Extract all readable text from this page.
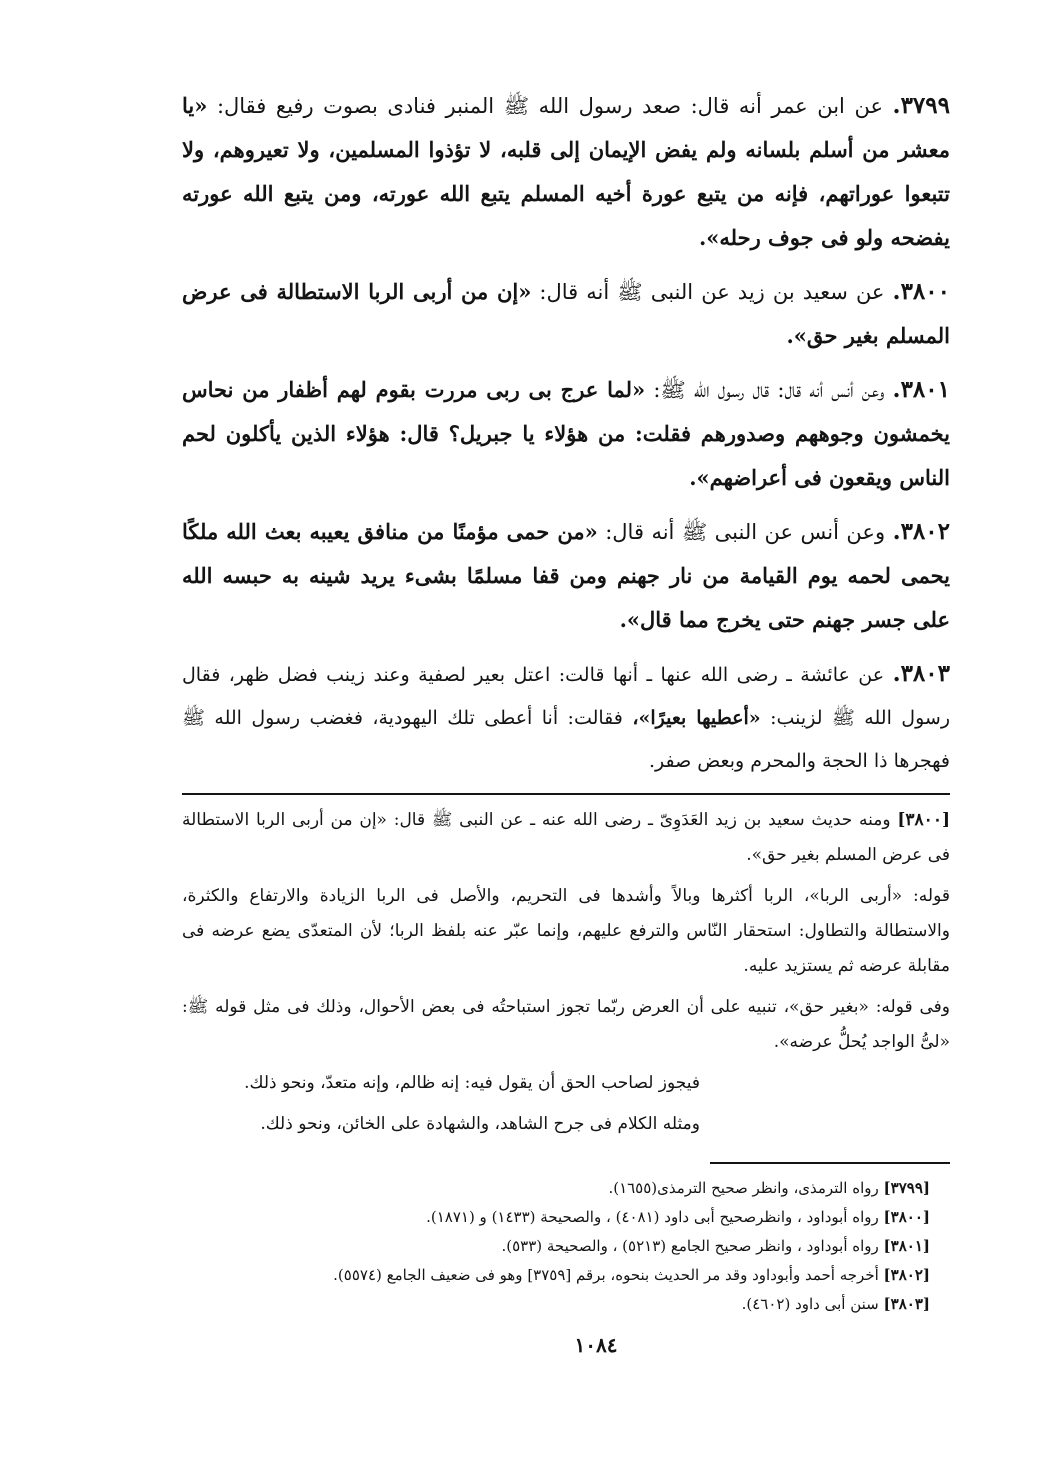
٣٧٩٩. عن ابن عمر أنه قال: صعد رسول الله ﷺ المنبر فنادى بصوت رفيع فقال: «يا معشر من أسلم بلسانه ولم يفض الإيمان إلى قلبه، لا تؤذوا المسلمين، ولا تعيروهم، ولا تتبعوا عوراتهم، فإنه من يتبع عورة أخيه المسلم يتبع الله عورته، ومن يتبع الله عورته يفضحه ولو فى جوف رحله».

٣٨٠٠. عن سعيد بن زيد عن النبى ﷺ أنه قال: «إن من أربى الربا الاستطالة فى عرض المسلم بغير حق».

٣٨٠١. وعن أنس أنه قال: قال رسول الله ﷺ: «لما عرج بى ربى مررت بقوم لهم أظفار من نحاس يخمشون وجوههم وصدورهم فقلت: من هؤلاء يا جبريل؟ قال: هؤلاء الذين يأكلون لحم الناس ويقعون فى أعراضهم».

٣٨٠٢. وعن أنس عن النبى ﷺ أنه قال: «من حمى مؤمنًا من منافق يعيبه بعث الله ملكًا يحمى لحمه يوم القيامة من نار جهنم ومن قفا مسلمًا بشىء يريد شينه به حبسه الله على جسر جهنم حتى يخرج مما قال».

٣٨٠٣. عن عائشة ـ رضى الله عنها ـ أنها قالت: اعتل بعير لصفية وعند زينب فضل ظهر، فقال رسول الله ﷺ لزينب: «أعطيها بعيرًا»، فقالت: أنا أعطى تلك اليهودية، فغضب رسول الله ﷺ فهجرها ذا الحجة والمحرم وبعض صفر.

[٣٨٠٠] ومنه حديث سعيد بن زيد العَدَوِىّ ـ رضى الله عنه ـ عن النبى ﷺ قال: «إن من أربى الربا الاستطالة فى عرض المسلم بغير حق».

قوله: «أربى الربا»، الربا أكثرها وبالاً وأشدها فى التحريم، والأصل فى الربا الزيادة والارتفاع والكثرة، والاستطالة والتطاول: استحقار النّاس والترفع عليهم، وإنما عبّر عنه بلفظ الربا؛ لأن المتعدّى يضع عرضه فى مقابلة عرضه ثم يستزيد عليه.

وفى قوله: «بغير حق»، تنبيه على أن العرض ربّما تجوز استباحتُه فى بعض الأحوال، وذلك فى مثل قوله ﷺ: «لىُّ الواجد يُحلُّ عرضه».

فيجوز لصاحب الحق أن يقول فيه: إنه ظالم، وإنه متعدّ، ونحو ذلك.

ومثله الكلام فى جرح الشاهد، والشهادة على الخائن، ونحو ذلك.

[٣٧٩٩] رواه الترمذى، وانظر صحيح الترمذى(١٦٥٥).

[٣٨٠٠] رواه أبوداود ، وانظرصحيح أبى داود (٤٠٨١) ، والصحيحة (١٤٣٣) و (١٨٧١).

[٣٨٠١] رواه أبوداود ، وانظر صحيح الجامع (٥٢١٣) ، والصحيحة (٥٣٣).

[٣٨٠٢] أخرجه أحمد وأبوداود وقد مر الحديث بنحوه، برقم [٣٧٥٩] وهو فى ضعيف الجامع (٥٥٧٤).

[٣٨٠٣] سنن أبى داود (٤٦٠٢).

١٠٨٤
